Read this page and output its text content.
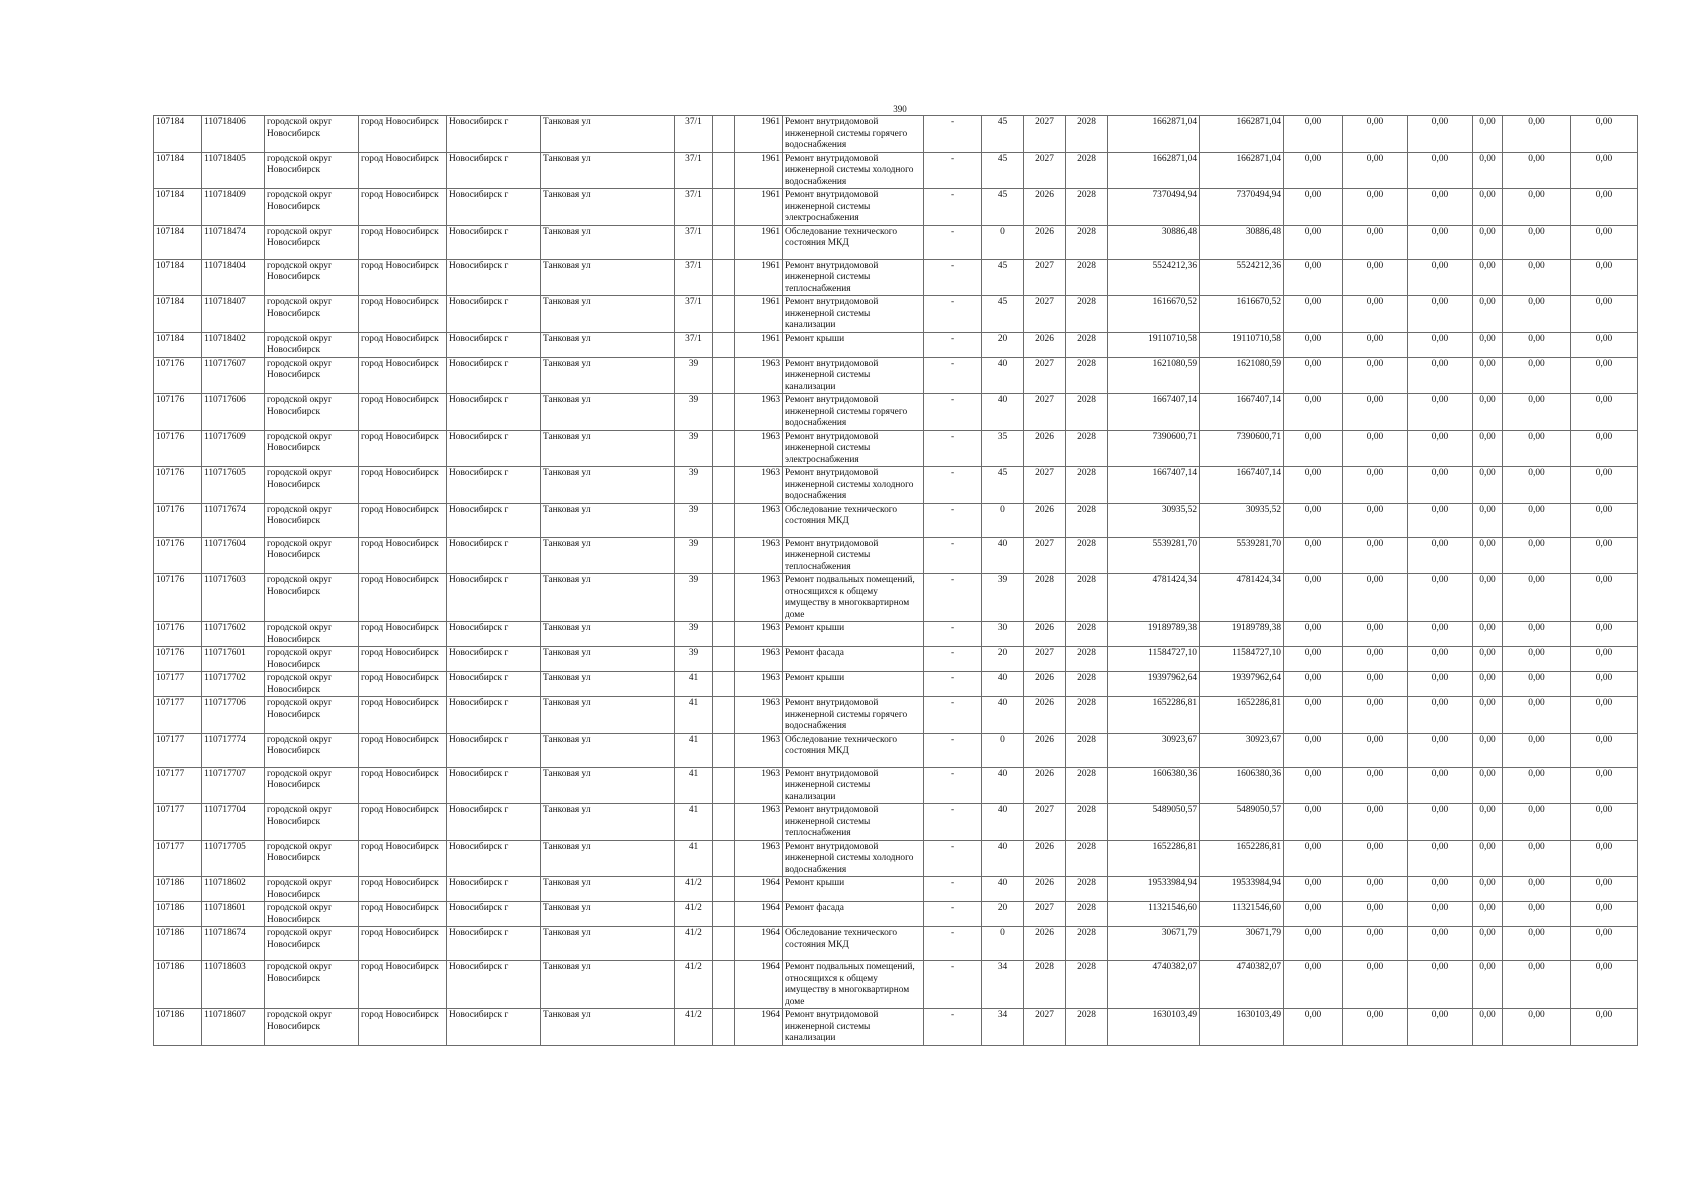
390
107184	110718406	городской округ Новосибирск	город Новосибирск	Новосибирск г	Танковая ул	37/1		1961	Ремонт внутридомовой инженерной системы горячего водоснабжения	-	45	2027	2028	1662871,04	1662871,04	0,00	0,00	0,00	0,00	0,00	0,00

107184	110718405	городской округ Новосибирск	город Новосибирск	Новосибирск г	Танковая ул	37/1		1961	Ремонт внутридомовой инженерной системы холодного водоснабжения	-	45	2027	2028	1662871,04	1662871,04	0,00	0,00	0,00	0,00	0,00	0,00

107184	110718409	городской округ Новосибирск	город Новосибирск	Новосибирск г	Танковая ул	37/1		1961	Ремонт внутридомовой инженерной системы электроснабжения	-	45	2026	2028	7370494,94	7370494,94	0,00	0,00	0,00	0,00	0,00	0,00

107184	110718474	городской округ Новосибирск	город Новосибирск	Новосибирск г	Танковая ул	37/1		1961	Обследование технического состояния МКД	-	0	2026	2028	30886,48	30886,48	0,00	0,00	0,00	0,00	0,00	0,00

107184	110718404	городской округ Новосибирск	город Новосибирск	Новосибирск г	Танковая ул	37/1		1961	Ремонт внутридомовой инженерной системы теплоснабжения	-	45	2027	2028	5524212,36	5524212,36	0,00	0,00	0,00	0,00	0,00	0,00

107184	110718407	городской округ Новосибирск	город Новосибирск	Новосибирск г	Танковая ул	37/1		1961	Ремонт внутридомовой инженерной системы канализации	-	45	2027	2028	1616670,52	1616670,52	0,00	0,00	0,00	0,00	0,00	0,00

107184	110718402	городской округ Новосибирск	город Новосибирск	Новосибирск г	Танковая ул	37/1		1961	Ремонт крыши	-	20	2026	2028	19110710,58	19110710,58	0,00	0,00	0,00	0,00	0,00	0,00

107176	110717607	городской округ Новосибирск	город Новосибирск	Новосибирск г	Танковая ул	39		1963	Ремонт внутридомовой инженерной системы канализации	-	40	2027	2028	1621080,59	1621080,59	0,00	0,00	0,00	0,00	0,00	0,00

107176	110717606	городской округ Новосибирск	город Новосибирск	Новосибирск г	Танковая ул	39		1963	Ремонт внутридомовой инженерной системы горячего водоснабжения	-	40	2027	2028	1667407,14	1667407,14	0,00	0,00	0,00	0,00	0,00	0,00

107176	110717609	городской округ Новосибирск	город Новосибирск	Новосибирск г	Танковая ул	39		1963	Ремонт внутридомовой инженерной системы электроснабжения	-	35	2026	2028	7390600,71	7390600,71	0,00	0,00	0,00	0,00	0,00	0,00

107176	110717605	городской округ Новосибирск	город Новосибирск	Новосибирск г	Танковая ул	39		1963	Ремонт внутридомовой инженерной системы холодного водоснабжения	-	45	2027	2028	1667407,14	1667407,14	0,00	0,00	0,00	0,00	0,00	0,00

107176	110717674	городской округ Новосибирск	город Новосибирск	Новосибирск г	Танковая ул	39		1963	Обследование технического состояния МКД	-	0	2026	2028	30935,52	30935,52	0,00	0,00	0,00	0,00	0,00	0,00

107176	110717604	городской округ Новосибирск	город Новосибирск	Новосибирск г	Танковая ул	39		1963	Ремонт внутридомовой инженерной системы теплоснабжения	-	40	2027	2028	5539281,70	5539281,70	0,00	0,00	0,00	0,00	0,00	0,00

107176	110717603	городской округ Новосибирск	город Новосибирск	Новосибирск г	Танковая ул	39		1963	Ремонт подвальных помещений, относящихся к общему имуществу в многоквартирном доме	-	39	2028	2028	4781424,34	4781424,34	0,00	0,00	0,00	0,00	0,00	0,00

107176	110717602	городской округ Новосибирск	город Новосибирск	Новосибирск г	Танковая ул	39		1963	Ремонт крыши	-	30	2026	2028	19189789,38	19189789,38	0,00	0,00	0,00	0,00	0,00	0,00

107176	110717601	городской округ Новосибирск	город Новосибирск	Новосибирск г	Танковая ул	39		1963	Ремонт фасада	-	20	2027	2028	11584727,10	11584727,10	0,00	0,00	0,00	0,00	0,00	0,00

107177	110717702	городской округ Новосибирск	город Новосибирск	Новосибирск г	Танковая ул	41		1963	Ремонт крыши	-	40	2026	2028	19397962,64	19397962,64	0,00	0,00	0,00	0,00	0,00	0,00

107177	110717706	городской округ Новосибирск	город Новосибирск	Новосибирск г	Танковая ул	41		1963	Ремонт внутридомовой инженерной системы горячего водоснабжения	-	40	2026	2028	1652286,81	1652286,81	0,00	0,00	0,00	0,00	0,00	0,00

107177	110717774	городской округ Новосибирск	город Новосибирск	Новосибирск г	Танковая ул	41		1963	Обследование технического состояния МКД	-	0	2026	2028	30923,67	30923,67	0,00	0,00	0,00	0,00	0,00	0,00

107177	110717707	городской округ Новосибирск	город Новосибирск	Новосибирск г	Танковая ул	41		1963	Ремонт внутридомовой инженерной системы канализации	-	40	2026	2028	1606380,36	1606380,36	0,00	0,00	0,00	0,00	0,00	0,00

107177	110717704	городской округ Новосибирск	город Новосибирск	Новосибирск г	Танковая ул	41		1963	Ремонт внутридомовой инженерной системы теплоснабжения	-	40	2027	2028	5489050,57	5489050,57	0,00	0,00	0,00	0,00	0,00	0,00

107177	110717705	городской округ Новосибирск	город Новосибирск	Новосибирск г	Танковая ул	41		1963	Ремонт внутридомовой инженерной системы холодного водоснабжения	-	40	2026	2028	1652286,81	1652286,81	0,00	0,00	0,00	0,00	0,00	0,00

107186	110718602	городской округ Новосибирск	город Новосибирск	Новосибирск г	Танковая ул	41/2		1964	Ремонт крыши	-	40	2026	2028	19533984,94	19533984,94	0,00	0,00	0,00	0,00	0,00	0,00

107186	110718601	городской округ Новосибирск	город Новосибирск	Новосибирск г	Танковая ул	41/2		1964	Ремонт фасада	-	20	2027	2028	11321546,60	11321546,60	0,00	0,00	0,00	0,00	0,00	0,00

107186	110718674	городской округ Новосибирск	город Новосибирск	Новосибирск г	Танковая ул	41/2		1964	Обследование технического состояния МКД	-	0	2026	2028	30671,79	30671,79	0,00	0,00	0,00	0,00	0,00	0,00

107186	110718603	городской округ Новосибирск	город Новосибирск	Новосибирск г	Танковая ул	41/2		1964	Ремонт подвальных помещений, относящихся к общему имуществу в многоквартирном доме	-	34	2028	2028	4740382,07	4740382,07	0,00	0,00	0,00	0,00	0,00	0,00

107186	110718607	городской округ Новосибирск	город Новосибирск	Новосибирск г	Танковая ул	41/2		1964	Ремонт внутридомовой инженерной системы канализации	-	34	2027	2028	1630103,49	1630103,49	0,00	0,00	0,00	0,00	0,00	0,00
